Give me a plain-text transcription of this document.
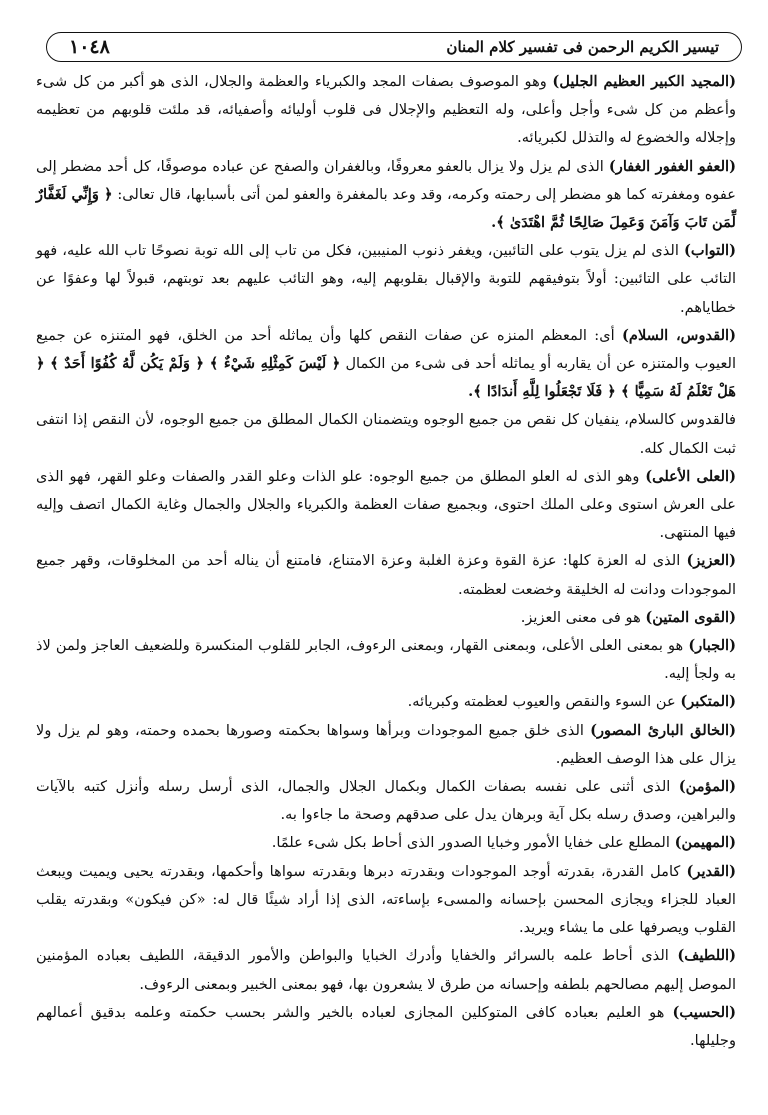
١٠٤٨	تيسير الكريم الرحمن فى تفسير كلام المنان

(المجيد الكبير العظيم الجليل) وهو الموصوف بصفات المجد والكبرياء والعظمة والجلال، الذى هو أكبر من كل شىء وأعظم من كل شىء وأجل وأعلى، وله التعظيم والإجلال فى قلوب أوليائه وأصفيائه، قد ملئت قلوبهم من تعظيمه وإجلاله والخضوع له والتذلل لكبريائه.

(العفو الغفور الغفار) الذى لم يزل ولا يزال بالعفو معروفًا، وبالغفران والصفح عن عباده موصوفًا، كل أحد مضطر إلى عفوه ومغفرته كما هو مضطر إلى رحمته وكرمه، وقد وعد بالمغفرة والعفو لمن أتى بأسبابها، قال تعالى: ﴿ وَإِنِّي لَغَفَّارٌ لِّمَن تَابَ وَآمَنَ وَعَمِلَ صَالِحًا ثُمَّ اهْتَدَىٰ ﴾.

(التواب) الذى لم يزل يتوب على التائبين، ويغفر ذنوب المنيبين، فكل من تاب إلى الله توبة نصوحًا تاب الله عليه، فهو التائب على التائبين: أولاً بتوفيقهم للتوبة والإقبال بقلوبهم إليه، وهو التائب عليهم بعد توبتهم، قبولاً لها وعفوًا عن خطاياهم.

(القدوس، السلام) أى: المعظم المنزه عن صفات النقص كلها وأن يماثله أحد من الخلق، فهو المتنزه عن جميع العيوب والمتنزه عن أن يقاربه أو يماثله أحد فى شىء من الكمال ﴿ لَيْسَ كَمِثْلِهِ شَيْءٌ ﴾ ﴿ وَلَمْ يَكُن لَّهُ كُفُوًا أَحَدٌ ﴾ ﴿ هَلْ تَعْلَمُ لَهُ سَمِيًّا ﴾ ﴿ فَلَا تَجْعَلُوا لِلَّهِ أَندَادًا ﴾.

فالقدوس كالسلام، ينفيان كل نقص من جميع الوجوه ويتضمنان الكمال المطلق من جميع الوجوه، لأن النقص إذا انتفى ثبت الكمال كله.

(العلى الأعلى) وهو الذى له العلو المطلق من جميع الوجوه: علو الذات وعلو القدر والصفات وعلو القهر، فهو الذى على العرش استوى وعلى الملك احتوى، وبجميع صفات العظمة والكبرياء والجلال والجمال وغاية الكمال اتصف وإليه فيها المنتهى.

(العزيز) الذى له العزة كلها: عزة القوة وعزة الغلبة وعزة الامتناع، فامتنع أن يناله أحد من المخلوقات، وقهر جميع الموجودات ودانت له الخليقة وخضعت لعظمته.

(القوى المتين) هو فى معنى العزيز.

(الجبار) هو بمعنى العلى الأعلى، وبمعنى القهار، وبمعنى الرءوف، الجابر للقلوب المنكسرة وللضعيف العاجز ولمن لاذ به ولجأ إليه.

(المتكبر) عن السوء والنقص والعيوب لعظمته وكبريائه.

(الخالق البارئ المصور) الذى خلق جميع الموجودات وبرأها وسواها بحكمته وصورها بحمده وحمته، وهو لم يزل ولا يزال على هذا الوصف العظيم.

(المؤمن) الذى أثنى على نفسه بصفات الكمال وبكمال الجلال والجمال، الذى أرسل رسله وأنزل كتبه بالآيات والبراهين، وصدق رسله بكل آية وبرهان يدل على صدقهم وصحة ما جاءوا به.

(المهيمن) المطلع على خفايا الأمور وخبايا الصدور الذى أحاط بكل شىء علمًا.

(القدير) كامل القدرة، بقدرته أوجد الموجودات وبقدرته دبرها وبقدرته سواها وأحكمها، وبقدرته يحيى ويميت ويبعث العباد للجزاء ويجازى المحسن بإحسانه والمسىء بإساءته، الذى إذا أراد شيئًا قال له: «كن فيكون» وبقدرته يقلب القلوب ويصرفها على ما يشاء ويريد.

(اللطيف) الذى أحاط علمه بالسرائر والخفايا وأدرك الخبايا والبواطن والأمور الدقيقة، اللطيف بعباده المؤمنين الموصل إليهم مصالحهم بلطفه وإحسانه من طرق لا يشعرون بها، فهو بمعنى الخبير وبمعنى الرءوف.

(الحسيب) هو العليم بعباده كافى المتوكلين المجازى لعباده بالخير والشر بحسب حكمته وعلمه بدقيق أعمالهم وجليلها.
